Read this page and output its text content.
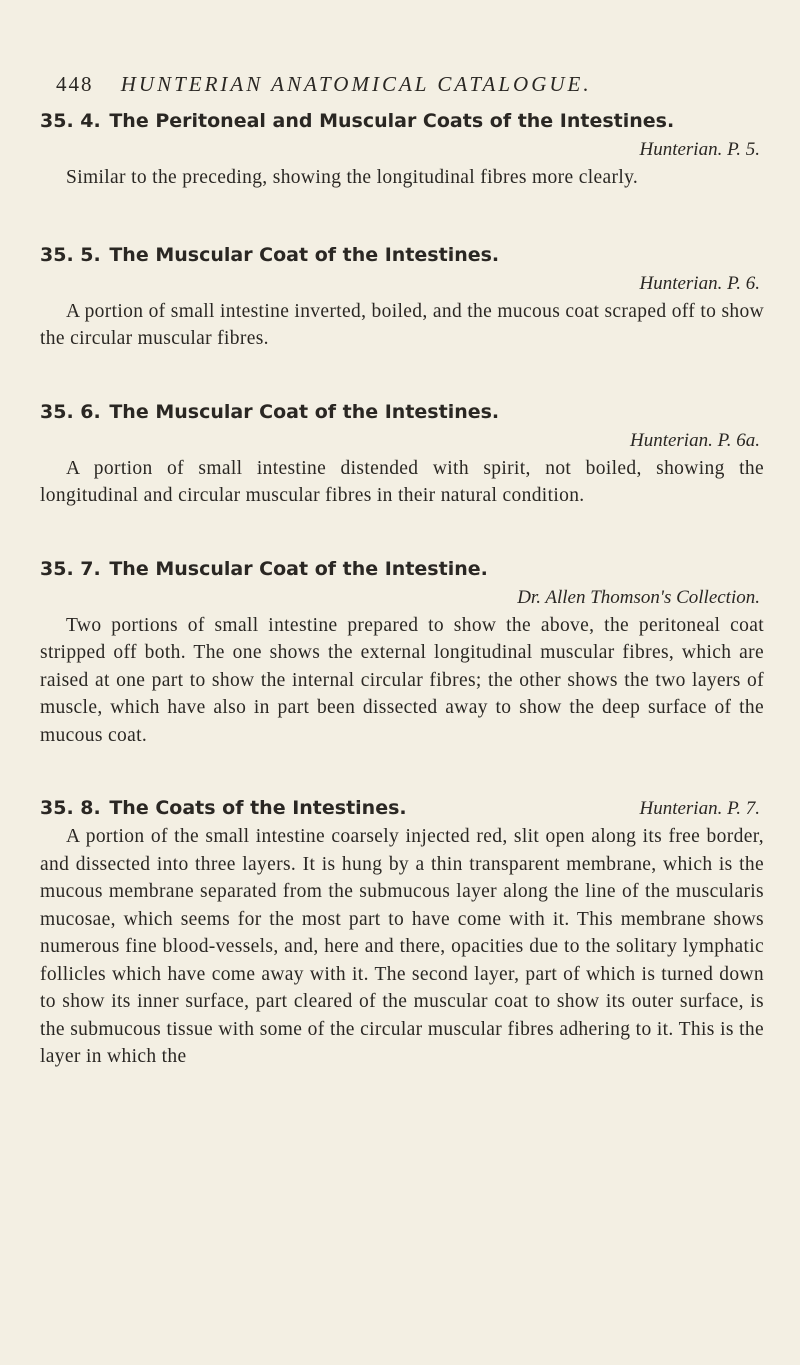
448 HUNTERIAN ANATOMICAL CATALOGUE.
35. 4. The Peritoneal and Muscular Coats of the Intestines.
Hunterian. P. 5.

Similar to the preceding, showing the longitudinal fibres more clearly.

35. 5. The Muscular Coat of the Intestines.
Hunterian. P. 6.

A portion of small intestine inverted, boiled, and the mucous coat scraped off to show the circular muscular fibres.

35. 6. The Muscular Coat of the Intestines.
Hunterian. P. 6a.

A portion of small intestine distended with spirit, not boiled, showing the longitudinal and circular muscular fibres in their natural condition.

35. 7. The Muscular Coat of the Intestine.
Dr. Allen Thomson's Collection.

Two portions of small intestine prepared to show the above, the peritoneal coat stripped off both. The one shows the external longitudinal muscular fibres, which are raised at one part to show the internal circular fibres; the other shows the two layers of muscle, which have also in part been dissected away to show the deep surface of the mucous coat.

35. 8. The Coats of the Intestines.	Hunterian. P. 7.

A portion of the small intestine coarsely injected red, slit open along its free border, and dissected into three layers. It is hung by a thin transparent membrane, which is the mucous membrane separated from the submucous layer along the line of the muscularis mucosae, which seems for the most part to have come with it. This membrane shows numerous fine blood-vessels, and, here and there, opacities due to the solitary lymphatic follicles which have come away with it. The second layer, part of which is turned down to show its inner surface, part cleared of the muscular coat to show its outer surface, is the submucous tissue with some of the circular muscular fibres adhering to it. This is the layer in which the
